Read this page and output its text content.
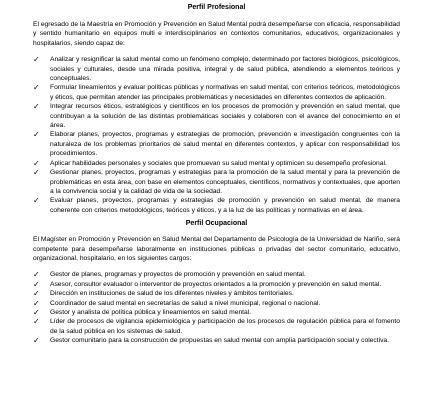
Perfil Profesional

El egresado de la Maestría en Promoción y Prevención en Salud Mental podrá desempeñarse con eficacia, responsabilidad y sentido humanitario en equipos multi e interdisciplinarios en contextos comunitarios, educativos, organizacionales y hospitalarios, siendo capaz de:

✓ Analizar y resignificar la salud mental como un fenómeno complejo, determinado por factores biológicos, psicológicos, sociales y culturales, desde una mirada positiva, integral y de salud pública, atendiendo a elementos teóricos y conceptuales.
✓ Formular lineamientos y evaluar políticas públicas y normativas en salud mental, con criterios teóricos, metodológicos y éticos, que permitan atender las principales problemáticas y necesidades en diferentes contextos de aplicación.
✓ Integrar recursos éticos, estratégicos y científicos en los procesos de promoción y prevención en salud mental, que contribuyan a la solución de las distintas problemáticas sociales y colaboren con el avance del conocimiento en el área.
✓ Elaborar planes, proyectos, programas y estrategias de promoción, prevención e investigación congruentes con la naturaleza de los problemas prioritarios de salud mental en diferentes contextos, y aplicar con responsabilidad los procedimientos.
✓ Aplicar habilidades personales y sociales que promuevan su salud mental y optimicen su desempeño profesional.
✓ Gestionar planes, proyectos, programas y estrategias para la promoción de la salud mental y para la prevención de problemáticas en esta área, con base en elementos conceptuales, científicos, normativos y contextuales, que aporten a la convivencia social y la calidad de vida de la sociedad.
✓ Evaluar planes, proyectos, programas y estrategias de promoción y prevención en salud mental, de manera coherente con criterios metodológicos, teóricos y éticos, y a la luz de las políticas y normativas en el área.
Perfil Ocupacional

El Magíster en Promoción y Prevención en Salud Mental del Departamento de Psicología de la Universidad de Nariño, será competente para desempeñarse laboralmente en instituciones públicas o privadas del sector comunitario, educativo, organizacional, hospitalario, en los siguientes cargos:

✓ Gestor de planes, programas y proyectos de promoción y prevención en salud mental.
✓ Asesor, consultor evaluador o interventor de proyectos orientados a la promoción y prevención en salud mental.
✓ Dirección en instituciones de salud de los diferentes niveles y ámbitos territoriales.
✓ Coordinador de salud mental en secretarías de salud a nivel municipal, regional o nacional.
✓ Gestor y analista de política pública y lineamientos en salud mental.
✓ Líder de procesos de vigilancia epidemiológica y participación de los procesos de regulación pública para el fomento de la salud pública en los sistemas de salud.
✓ Gestor comunitario para la construcción de propuestas en salud mental con amplia participación social y colectiva.
